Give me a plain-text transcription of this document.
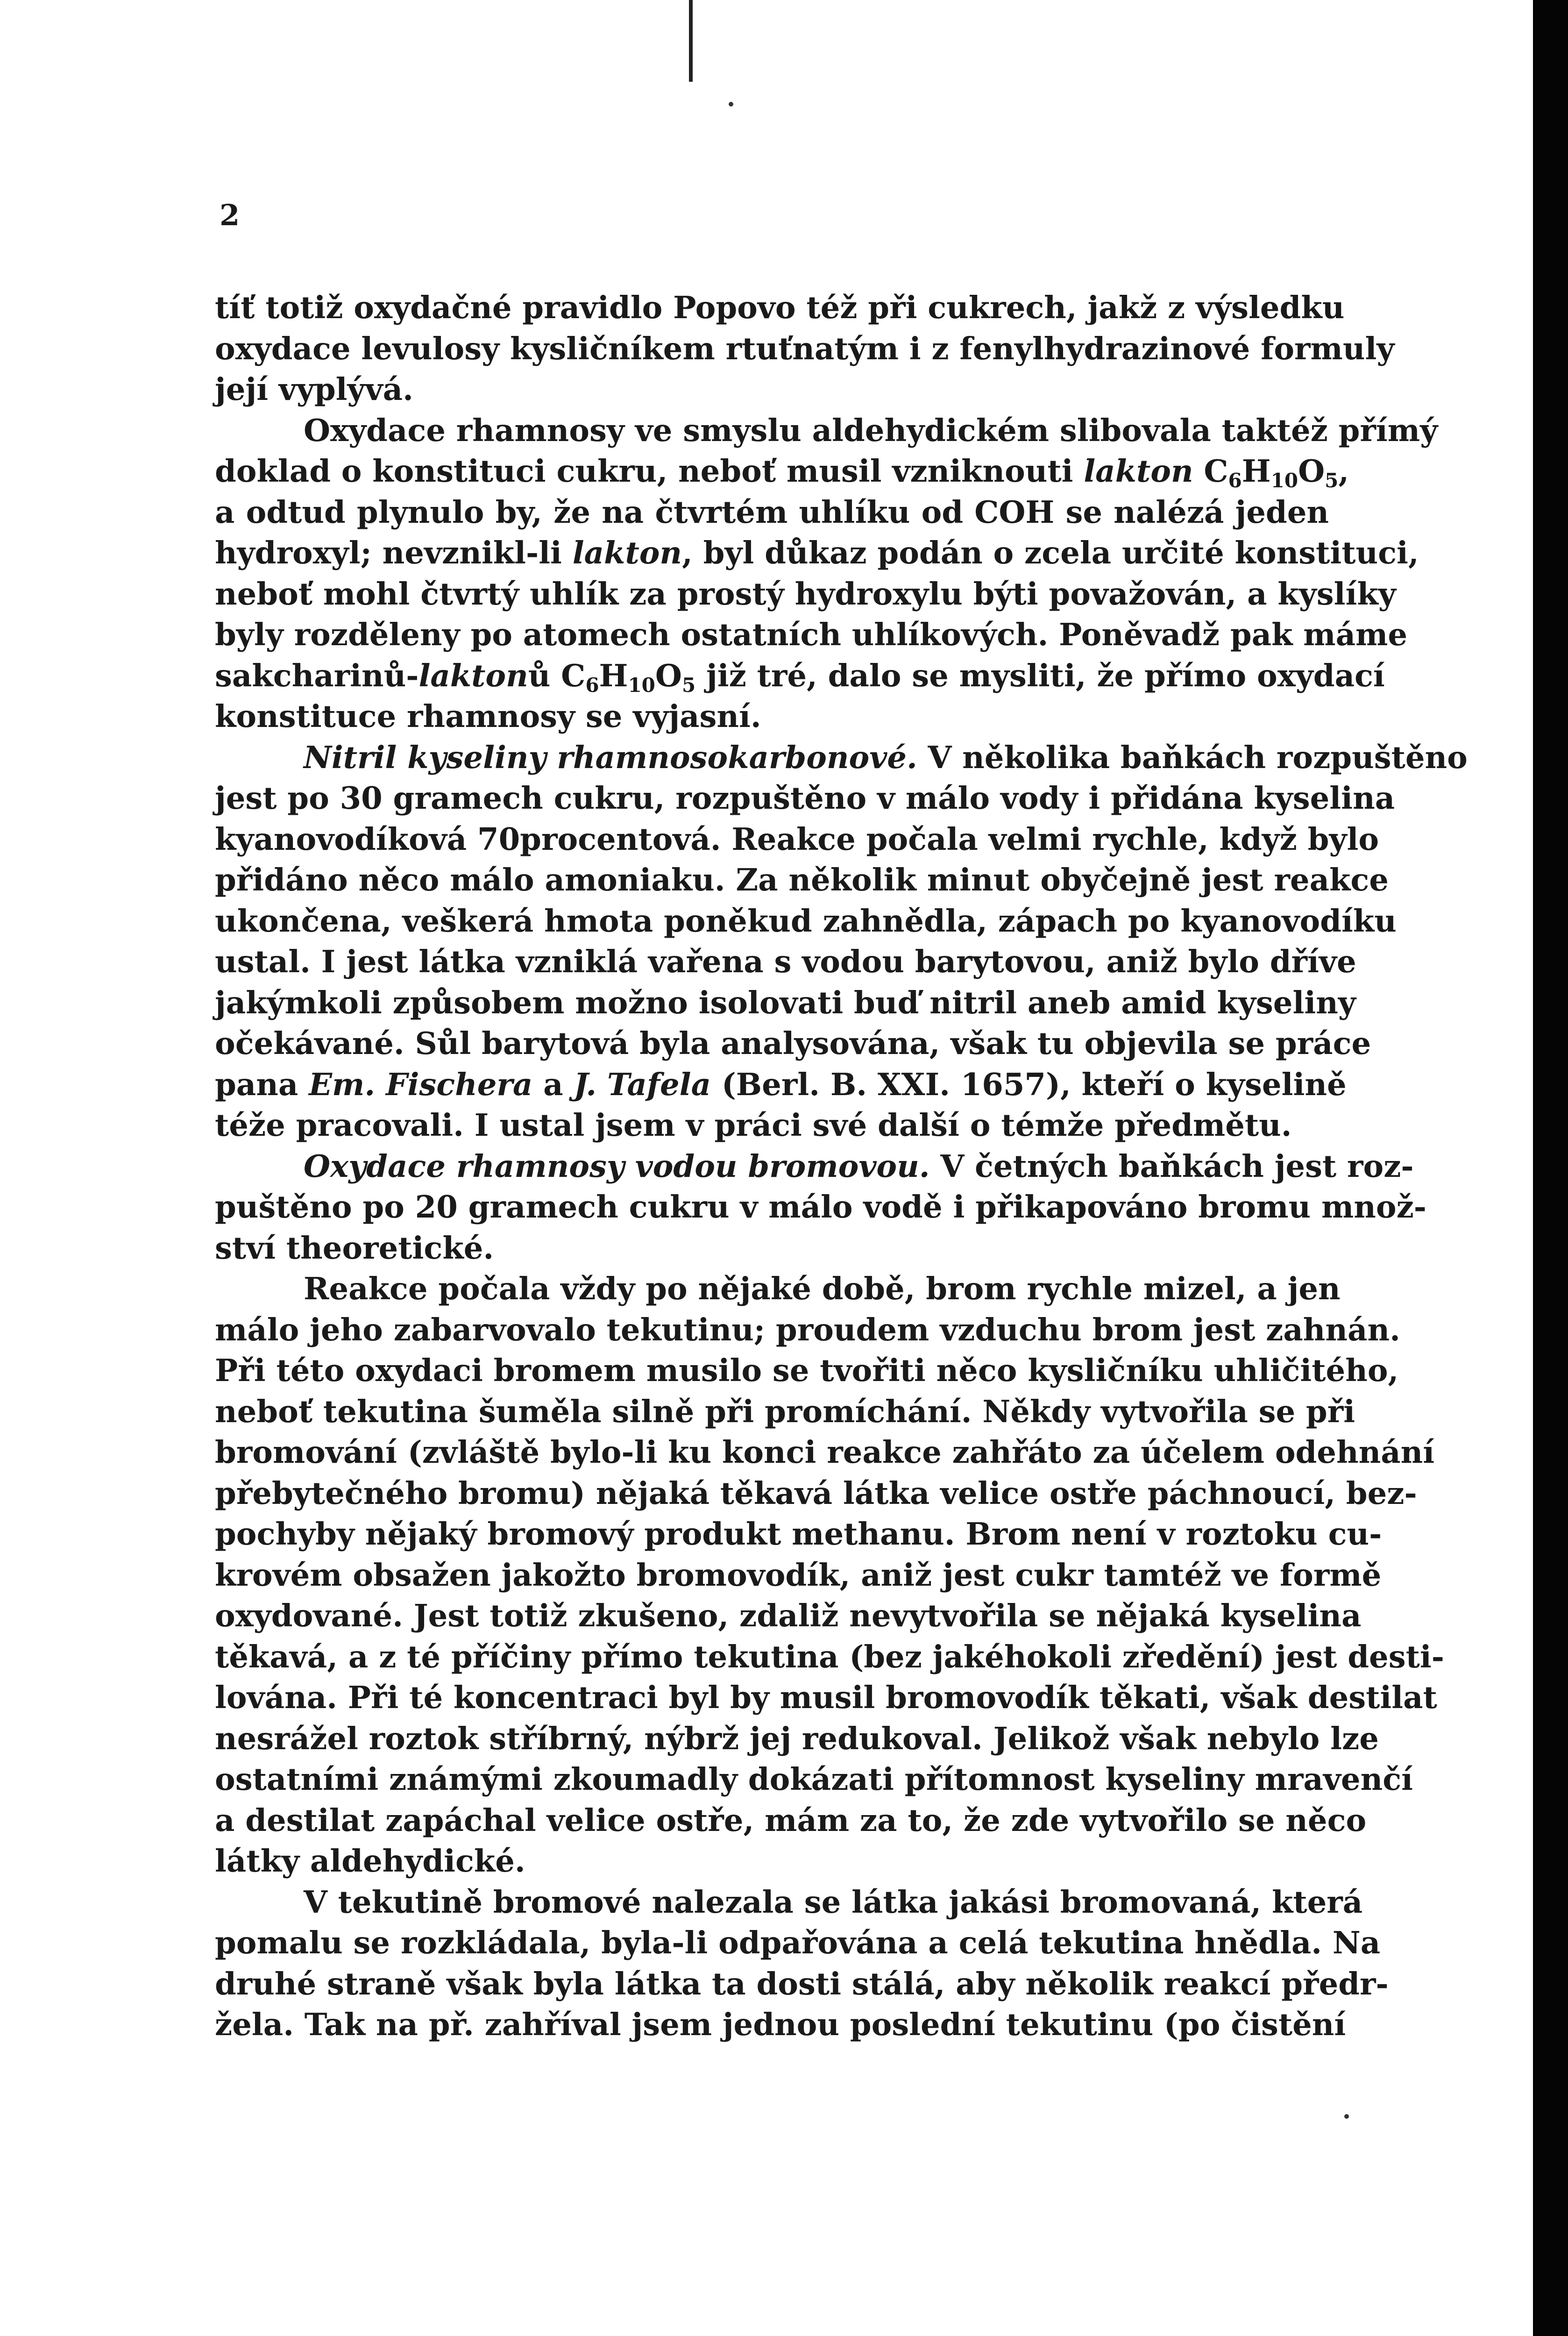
2
tíť totiž oxydačné pravidlo Popovo též při cukrech, jakž z výsledku
oxydace levulosy kysličníkem rtuťnatým i z fenylhydrazinové formuly
její vyplývá.
Oxydace rhamnosy ve smyslu aldehydickém slibovala taktéž přímý
doklad o konstituci cukru, neboť musil vzniknouti lakton $C_6H_{10}O_5$,
a odtud plynulo by, že na čtvrtém uhlíku od COH se nalézá jeden
hydroxyl; nevznikl-li lakton, byl důkaz podán o zcela určité konstituci,
neboť mohl čtvrtý uhlík za prostý hydroxylu býti považován, a kyslíky
byly rozděleny po atomech ostatních uhlíkových. Poněvadž pak máme
sakcharinů-laktonů $C_6H_{10}O_5$ již tré, dalo se mysliti, že přímo oxydací
konstituce rhamnosy se vyjasní.
Nitril kyseliny rhamnosokarbonové. V několika baňkách rozpuštěno
jest po 30 gramech cukru, rozpuštěno v málo vody i přidána kyselina
kyanovodíková 70procentová. Reakce počala velmi rychle, když bylo
přidáno něco málo amoniaku. Za několik minut obyčejně jest reakce
ukončena, veškerá hmota poněkud zahnědla, zápach po kyanovodíku
ustal. I jest látka vzniklá vařena s vodou barytovou, aniž bylo dříve
jakýmkoli způsobem možno isolovati buď nitril aneb amid kyseliny
očekávané. Sůl barytová byla analysována, však tu objevila se práce
pana Em. Fischera a J. Tafela (Berl. B. XXI. 1657), kteří o kyselině
téže pracovali. I ustal jsem v práci své další o témže předmětu.
Oxydace rhamnosy vodou bromovou. V četných baňkách jest roz-
puštěno po 20 gramech cukru v málo vodě i přikapováno bromu množ-
ství theoretické.
Reakce počala vždy po nějaké době, brom rychle mizel, a jen
málo jeho zabarvovalo tekutinu; proudem vzduchu brom jest zahnán.
Při této oxydaci bromem musilo se tvořiti něco kysličníku uhličitého,
neboť tekutina šuměla silně při promíchání. Někdy vytvořila se při
bromování (zvláště bylo-li ku konci reakce zahřáto za účelem odehnání
přebytečného bromu) nějaká těkavá látka velice ostře páchnoucí, bez-
pochyby nějaký bromový produkt methanu. Brom není v roztoku cu-
krovém obsažen jakožto bromovodík, aniž jest cukr tamtéž ve formě
oxydované. Jest totiž zkušeno, zdaliž nevytvořila se nějaká kyselina
těkavá, a z té příčiny přímo tekutina (bez jakéhokoli zředění) jest desti-
lována. Při té koncentraci byl by musil bromovodík těkati, však destilat
nesrážel roztok stříbrný, nýbrž jej redukoval. Jelikož však nebylo lze
ostatními známými zkoumadly dokázati přítomnost kyseliny mravenčí
a destilat zapáchal velice ostře, mám za to, že zde vytvořilo se něco
látky aldehydické.
V tekutině bromové nalezala se látka jakási bromovaná, která
pomalu se rozkládala, byla-li odpařována a celá tekutina hnědla. Na
druhé straně však byla látka ta dosti stálá, aby několik reakcí předr-
žela. Tak na př. zahříval jsem jednou poslední tekutinu (po čistění
